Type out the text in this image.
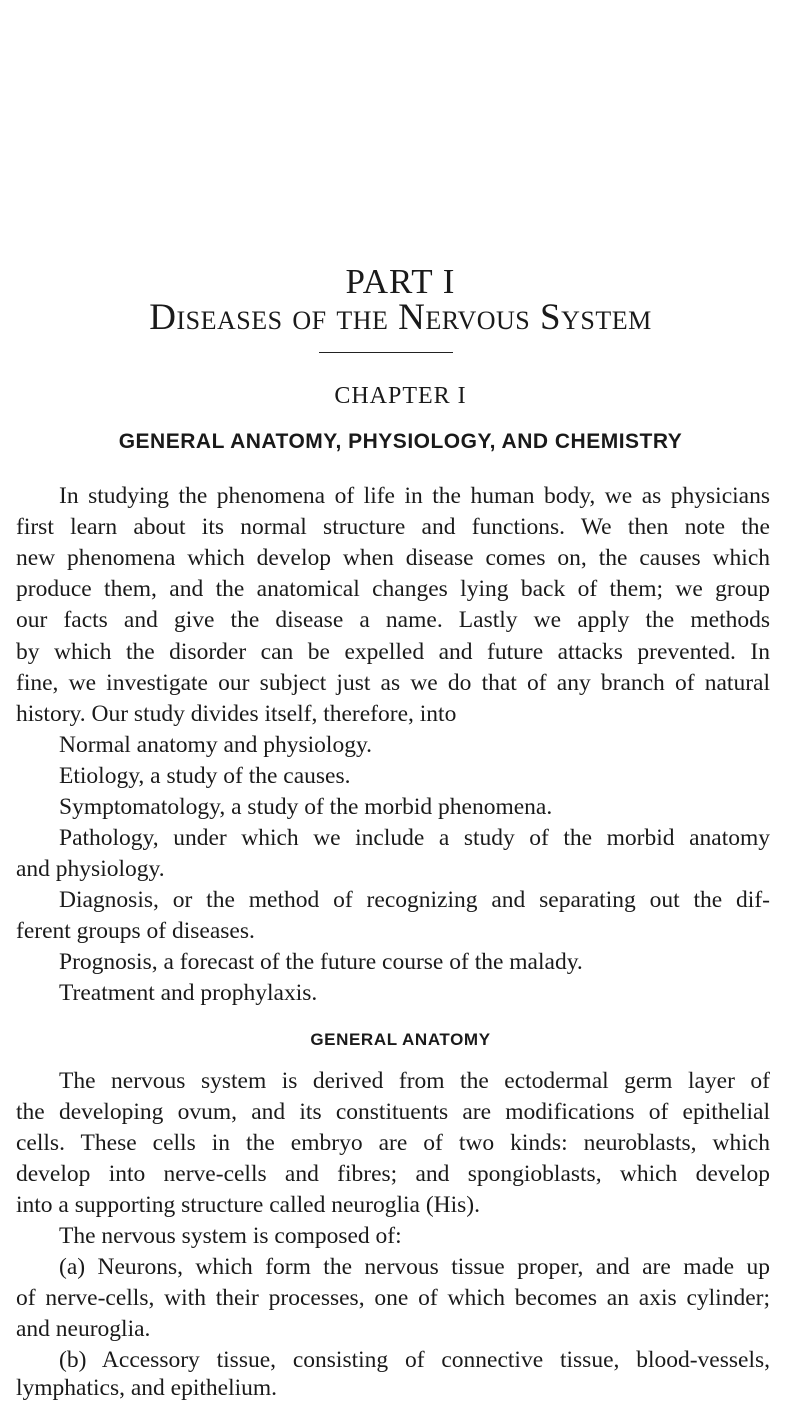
PART I
Diseases of the Nervous System
CHAPTER I
GENERAL ANATOMY, PHYSIOLOGY, AND CHEMISTRY
In studying the phenomena of life in the human body, we as physicians
first learn about its normal structure and functions. We then note the
new phenomena which develop when disease comes on, the causes which
produce them, and the anatomical changes lying back of them; we group
our facts and give the disease a name. Lastly we apply the methods
by which the disorder can be expelled and future attacks prevented. In
fine, we investigate our subject just as we do that of any branch of natural
history. Our study divides itself, therefore, into
Normal anatomy and physiology.
Etiology, a study of the causes.
Symptomatology, a study of the morbid phenomena.
Pathology, under which we include a study of the morbid anatomy
and physiology.
Diagnosis, or the method of recognizing and separating out the dif-
ferent groups of diseases.
Prognosis, a forecast of the future course of the malady.
Treatment and prophylaxis.
GENERAL ANATOMY
The nervous system is derived from the ectodermal germ layer of
the developing ovum, and its constituents are modifications of epithelial
cells. These cells in the embryo are of two kinds: neuroblasts, which
develop into nerve-cells and fibres; and spongioblasts, which develop
into a supporting structure called neuroglia (His).
The nervous system is composed of:
(a) Neurons, which form the nervous tissue proper, and are made up
of nerve-cells, with their processes, one of which becomes an axis cylinder;
and neuroglia.
(b) Accessory tissue, consisting of connective tissue, blood-vessels,
lymphatics, and epithelium.
